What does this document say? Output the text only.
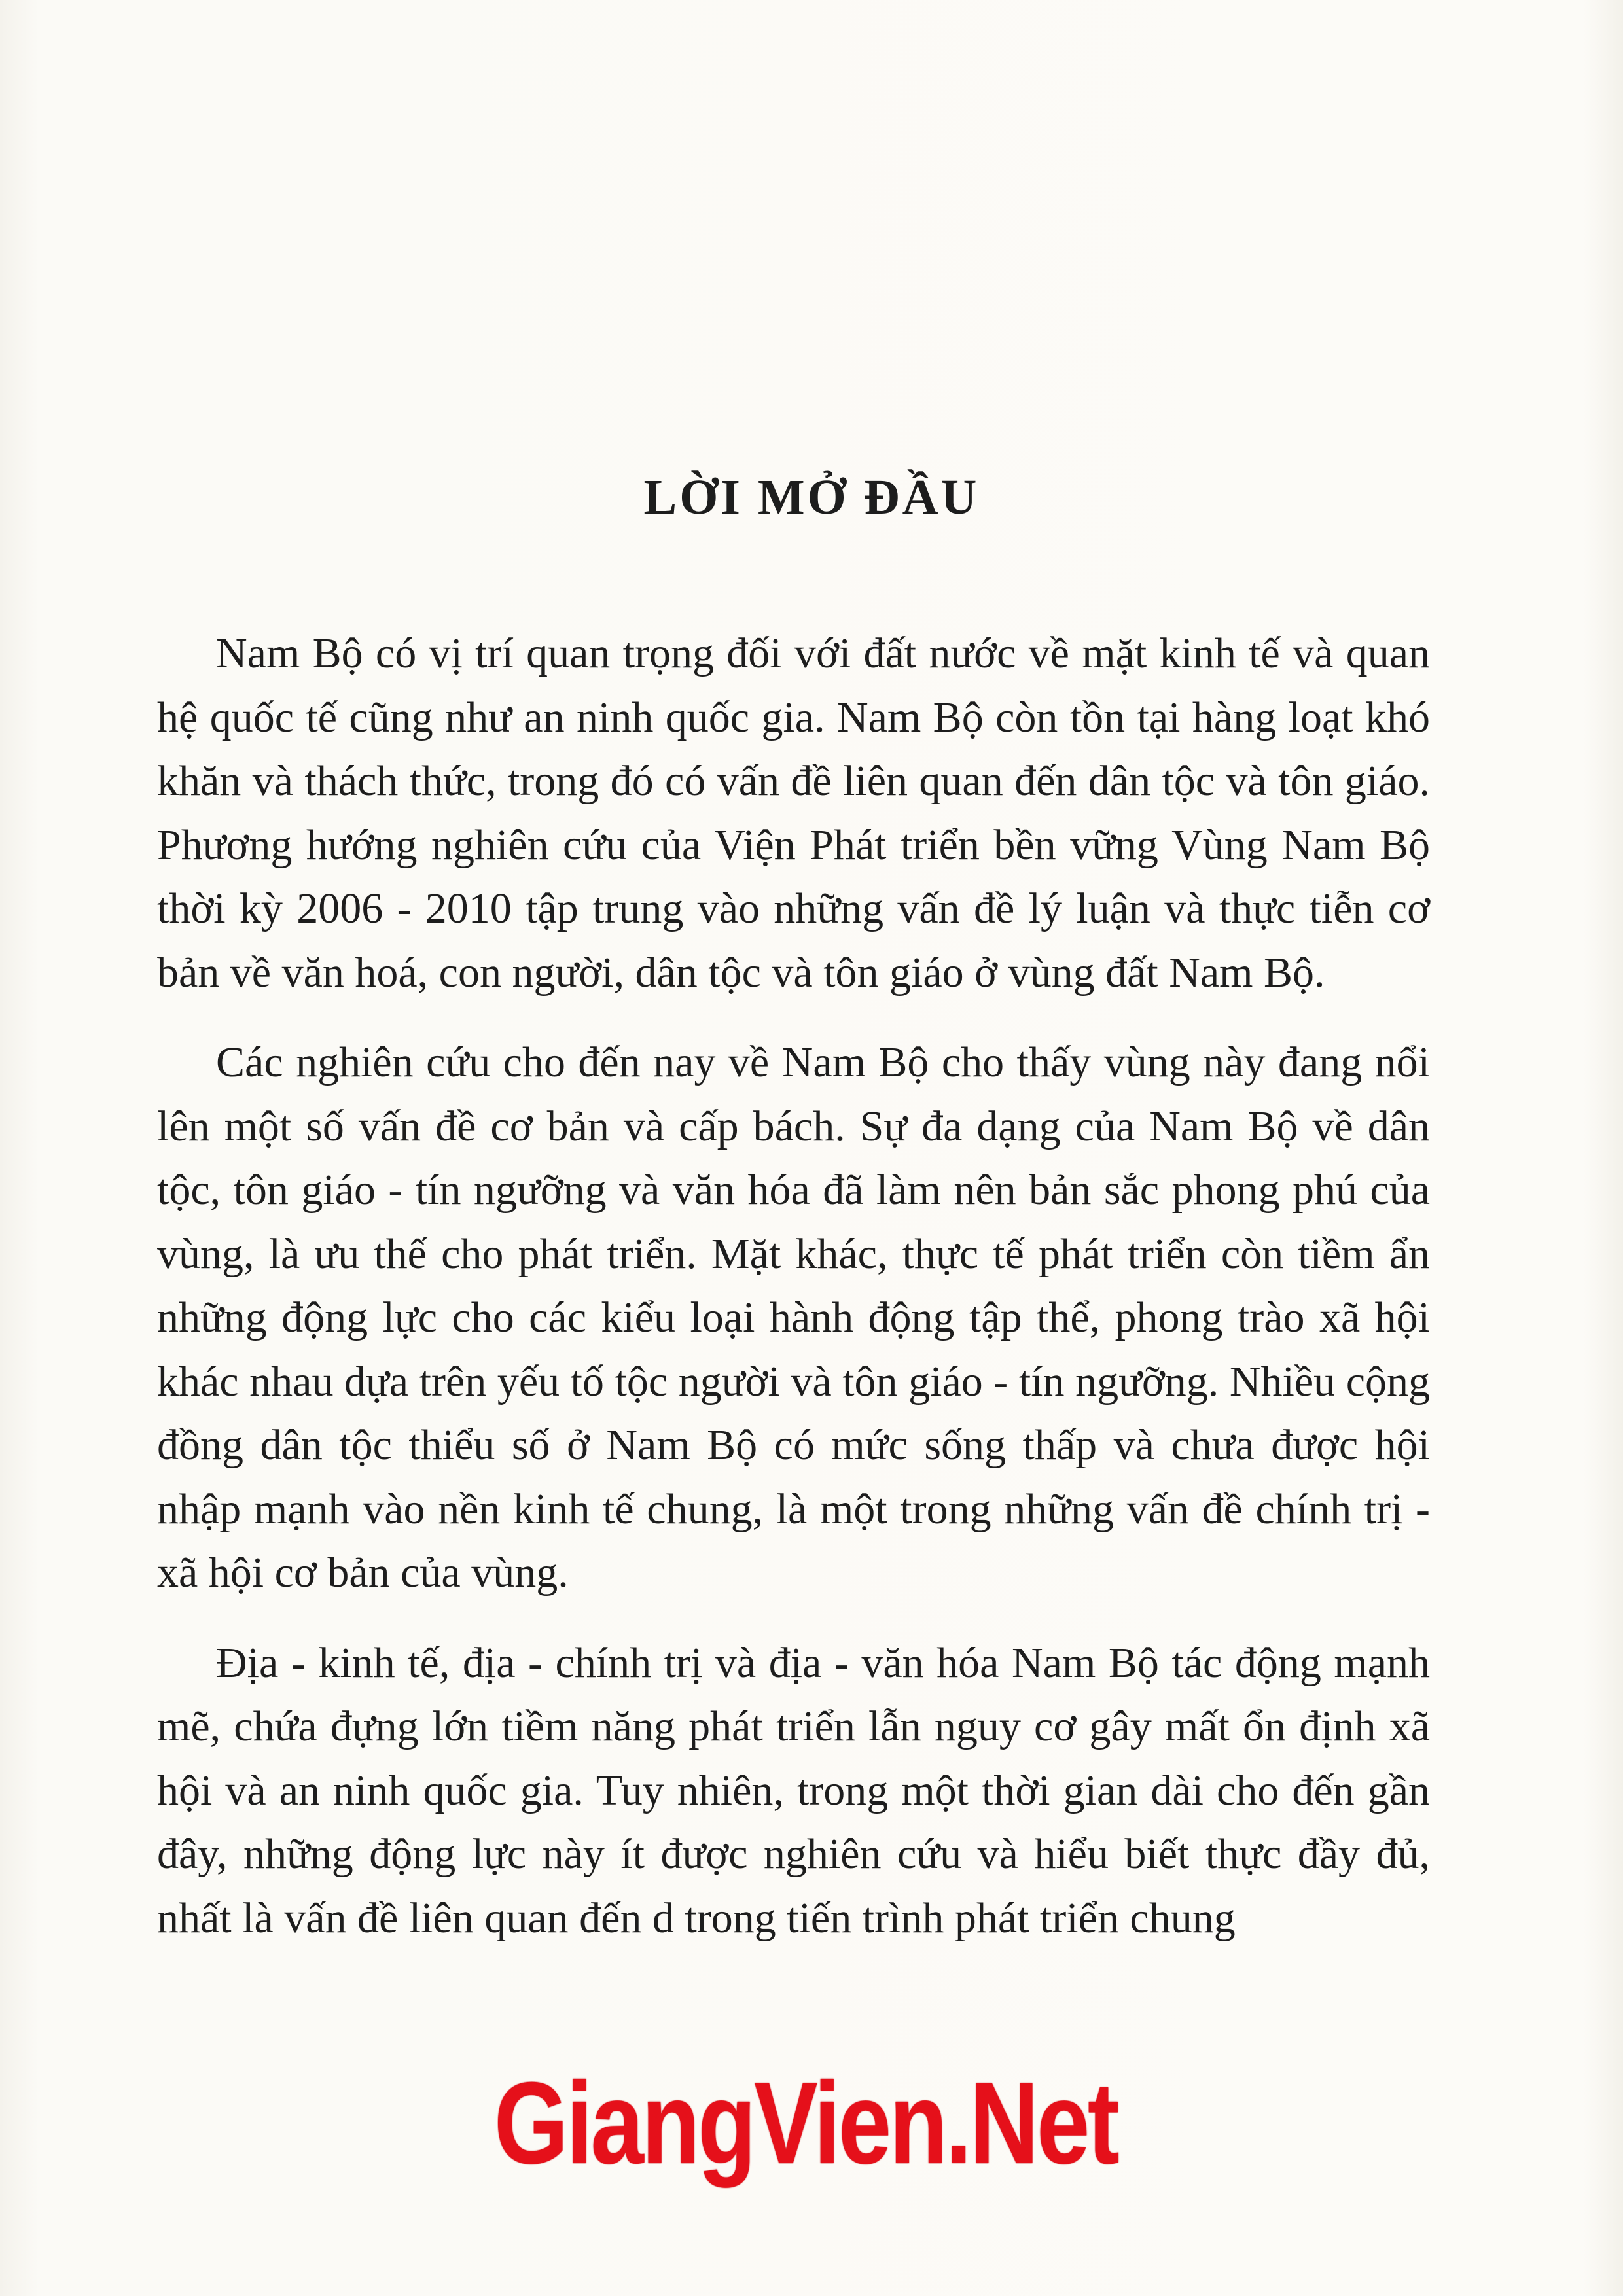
LỜI MỞ ĐẦU

Nam Bộ có vị trí quan trọng đối với đất nước về mặt kinh tế và quan hệ quốc tế cũng như an ninh quốc gia. Nam Bộ còn tồn tại hàng loạt khó khăn và thách thức, trong đó có vấn đề liên quan đến dân tộc và tôn giáo. Phương hướng nghiên cứu của Viện Phát triển bền vững Vùng Nam Bộ thời kỳ 2006 - 2010 tập trung vào những vấn đề lý luận và thực tiễn cơ bản về văn hoá, con người, dân tộc và tôn giáo ở vùng đất Nam Bộ.

Các nghiên cứu cho đến nay về Nam Bộ cho thấy vùng này đang nổi lên một số vấn đề cơ bản và cấp bách. Sự đa dạng của Nam Bộ về dân tộc, tôn giáo - tín ngưỡng và văn hóa đã làm nên bản sắc phong phú của vùng, là ưu thế cho phát triển. Mặt khác, thực tế phát triển còn tiềm ẩn những động lực cho các kiểu loại hành động tập thể, phong trào xã hội khác nhau dựa trên yếu tố tộc người và tôn giáo - tín ngưỡng. Nhiều cộng đồng dân tộc thiểu số ở Nam Bộ có mức sống thấp và chưa được hội nhập mạnh vào nền kinh tế chung, là một trong những vấn đề chính trị - xã hội cơ bản của vùng.

Địa - kinh tế, địa - chính trị và địa - văn hóa Nam Bộ tác động mạnh mẽ, chứa đựng lớn tiềm năng phát triển lẫn nguy cơ gây mất ổn định xã hội và an ninh quốc gia. Tuy nhiên, trong một thời gian dài cho đến gần đây, những động lực này ít được nghiên cứu và hiểu biết thực đầy đủ, nhất là vấn đề liên quan đến d trong tiến trình phát triển chung

GiangVien.Net
